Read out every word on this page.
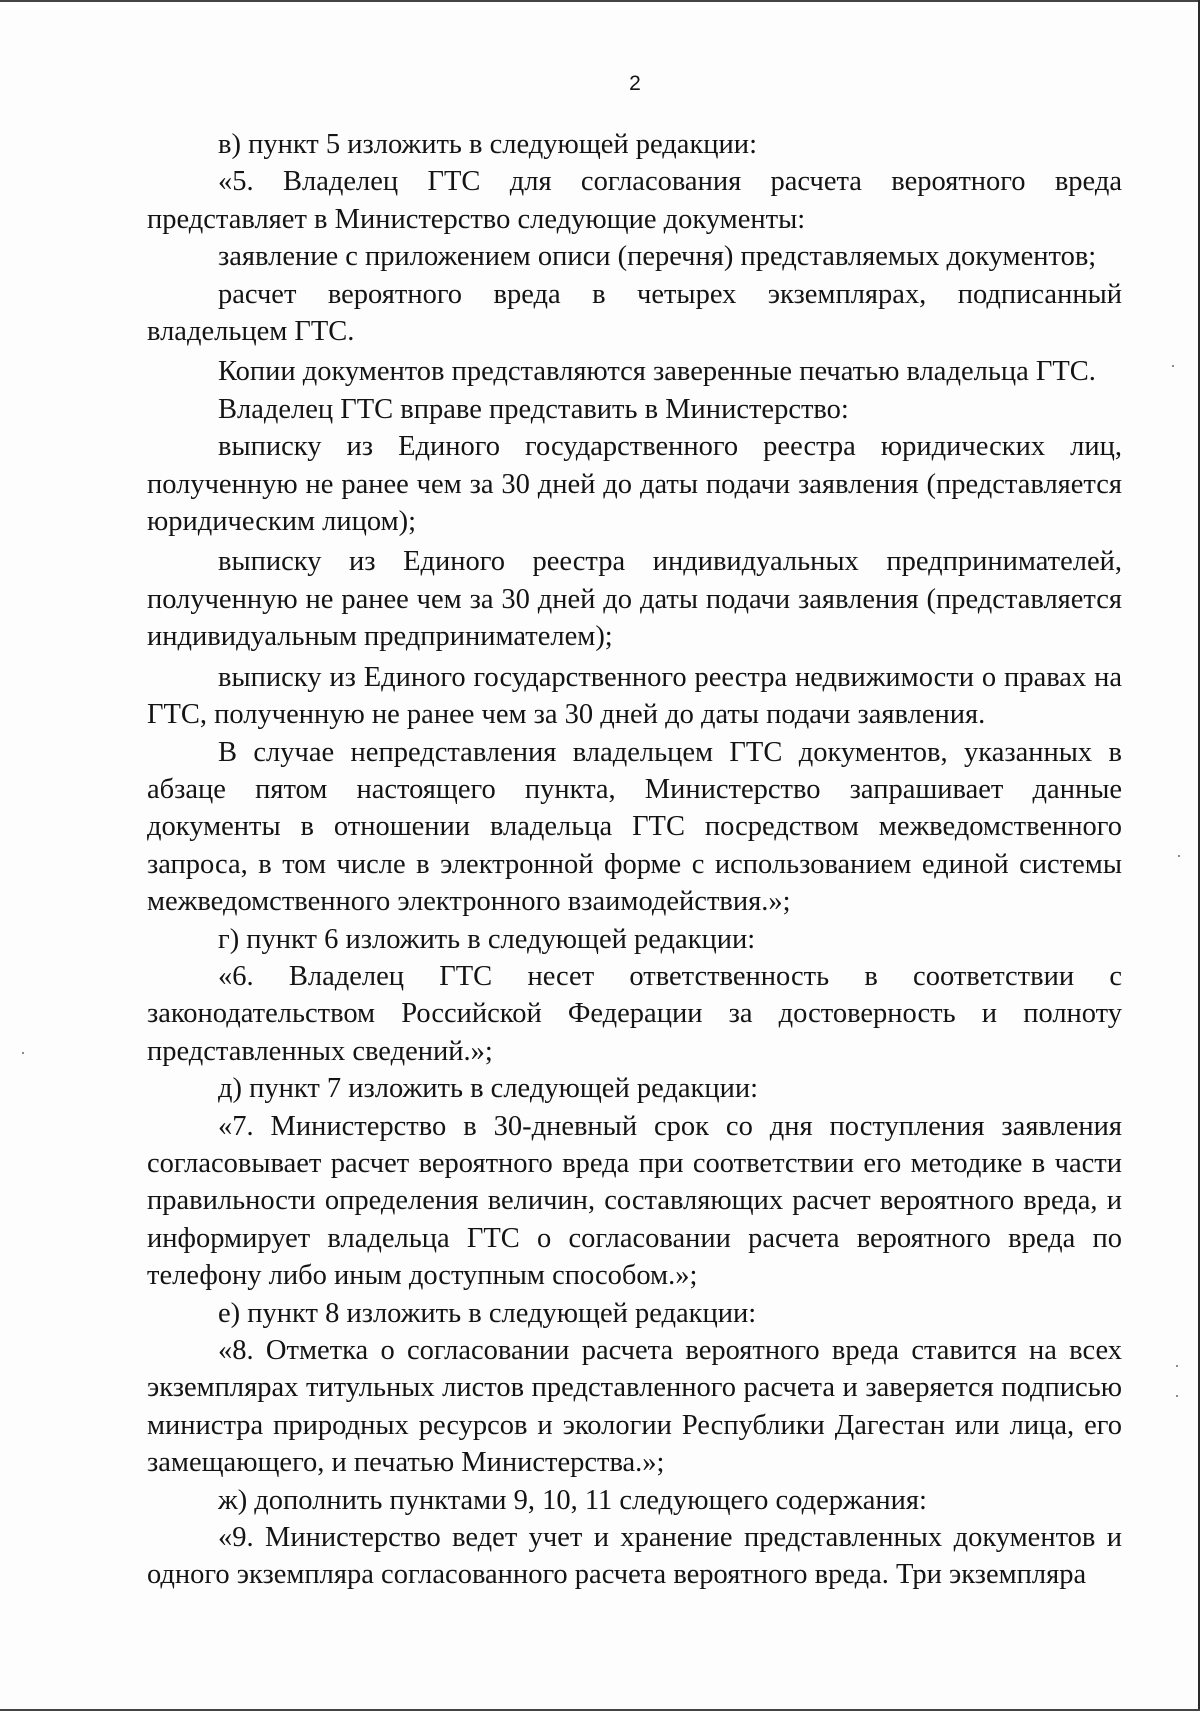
2

в) пункт 5 изложить в следующей редакции:

«5. Владелец ГТС для согласования расчета вероятного вреда представляет в Министерство следующие документы:

заявление с приложением описи (перечня) представляемых документов;

расчет вероятного вреда в четырех экземплярах, подписанный владельцем ГТС.

Копии документов представляются заверенные печатью владельца ГТС.

Владелец ГТС вправе представить в Министерство:

выписку из Единого государственного реестра юридических лиц, полученную не ранее чем за 30 дней до даты подачи заявления (представляется юридическим лицом);

выписку из Единого реестра индивидуальных предпринимателей, полученную не ранее чем за 30 дней до даты подачи заявления (представляется индивидуальным предпринимателем);

выписку из Единого государственного реестра недвижимости о правах на ГТС, полученную не ранее чем за 30 дней до даты подачи заявления.

В случае непредставления владельцем ГТС документов, указанных в абзаце пятом настоящего пункта, Министерство запрашивает данные документы в отношении владельца ГТС посредством межведомственного запроса, в том числе в электронной форме с использованием единой системы межведомственного электронного взаимодействия.»;

г) пункт 6 изложить в следующей редакции:

«6. Владелец ГТС несет ответственность в соответствии с законодательством Российской Федерации за достоверность и полноту представленных сведений.»;

д) пункт 7 изложить в следующей редакции:

«7. Министерство в 30-дневный срок со дня поступления заявления согласовывает расчет вероятного вреда при соответствии его методике в части правильности определения величин, составляющих расчет вероятного вреда, и информирует владельца ГТС о согласовании расчета вероятного вреда по телефону либо иным доступным способом.»;

е) пункт 8 изложить в следующей редакции:

«8. Отметка о согласовании расчета вероятного вреда ставится на всех экземплярах титульных листов представленного расчета и заверяется подписью министра природных ресурсов и экологии Республики Дагестан или лица, его замещающего, и печатью Министерства.»;

ж) дополнить пунктами 9, 10, 11 следующего содержания:

«9. Министерство ведет учет и хранение представленных документов и одного экземпляра согласованного расчета вероятного вреда. Три экземпляра
